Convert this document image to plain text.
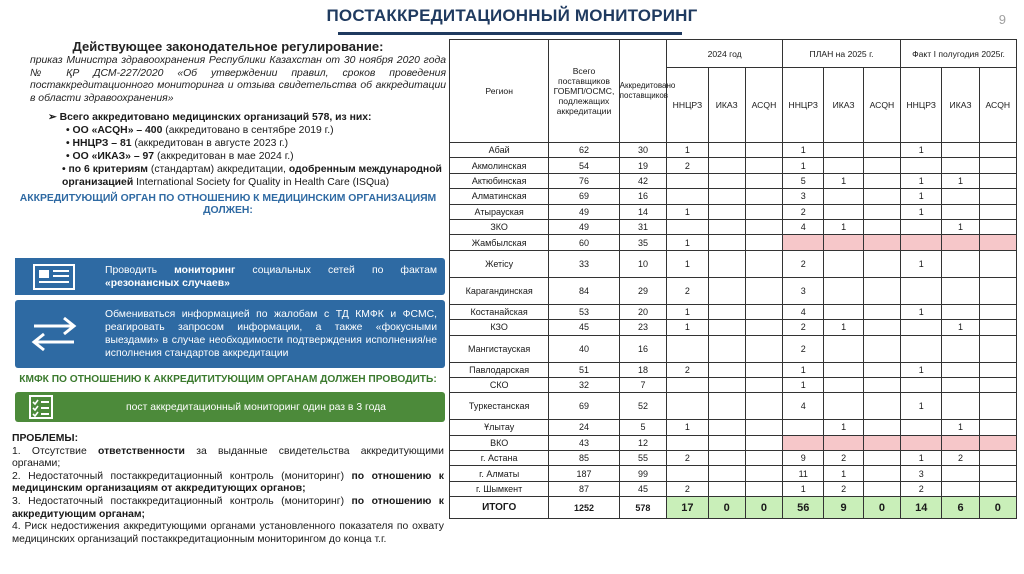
ПОСТАККРЕДИТАЦИОННЫЙ МОНИТОРИНГ	9
Действующее законодательное регулирование:
приказ Министра здравоохранения Республики Казахстан от 30 ноября 2020 года № ҚР ДСМ-227/2020 «Об утверждении правил, сроков проведения постаккредитационного мониторинга и отзыва свидетельства об аккредитации в области здравоохранения»
➢ Всего аккредитовано медицинских организаций 578, из них:
• ОО «АСQН» – 400 (аккредитовано в сентябре 2019 г.)
• ННЦРЗ – 81 (аккредитован в августе 2023 г.)
• ОО «ИКАЗ» – 97 (аккредитован в мае 2024 г.)
• по 6 критериям (стандартам) аккредитации, одобренным международной организацией International Society for Quality in Health Care (ISQua)
АККРЕДИТУЮЩИЙ ОРГАН ПО ОТНОШЕНИЮ К МЕДИЦИНСКИМ ОРГАНИЗАЦИЯМ ДОЛЖЕН:
Проводить мониторинг социальных сетей по фактам «резонансных случаев»
Обмениваться информацией по жалобам с ТД КМФК и ФСМС, реагировать запросом информации, а также «фокусными выездами» в случае необходимости подтверждения исполнения/не исполнения стандартов аккредитации
КМФК ПО ОТНОШЕНИЮ К АККРЕДИТИТУЮЩИМ ОРГАНАМ ДОЛЖЕН ПРОВОДИТЬ:
пост аккредитационный мониторинг один раз в 3 года
ПРОБЛЕМЫ:
1. Отсутствие ответственности за выданные свидетельства аккредитующими органами;
2. Недостаточный постаккредитационный контроль (мониторинг) по отношению к медицинским организациям от аккредитующих органов;
3. Недостаточный постаккредитационный контроль (мониторинг) по отношению к аккредитующим органам;
4. Риск недостижения аккредитующими органами установленного показателя по охвату медицинских организаций постаккредитационным мониторингом до конца т.г.
Регион	Всего поставщиков ГОБМП/ОСМС, подлежащих аккредитации	Аккредитовано поставщиков	2024 год			ПЛАН на 2025 г.			Факт I полугодия 2025г.		
			ННЦРЗ	ИКАЗ	АСQН	ННЦРЗ	ИКАЗ	АСQН	ННЦРЗ	ИКАЗ	АСQН
Абай	62	30	1			1			1		
Акмолинская	54	19	2			1					
Актюбинская	76	42				5	1		1	1	
Алматинская	69	16				3			1		
Атырауская	49	14	1			2			1		
ЗКО	49	31				4	1			1	
Жамбылская	60	35	1								
Жетісу	33	10	1			2			1		
Карагандинская	84	29	2			3					
Костанайская	53	20	1			4			1		
КЗО	45	23	1			2	1			1	
Мангистауская	40	16				2					
Павлодарская	51	18	2			1			1		
СКО	32	7				1					
Туркестанская	69	52				4			1		
Ұлытау	24	5	1				1			1	
ВКО	43	12									
г. Астана	85	55	2			9	2		1	2	
г. Алматы	187	99				11	1		3		
г. Шымкент	87	45	2			1	2		2		
ИТОГО	1252	578	17	0	0	56	9	0	14	6	0
